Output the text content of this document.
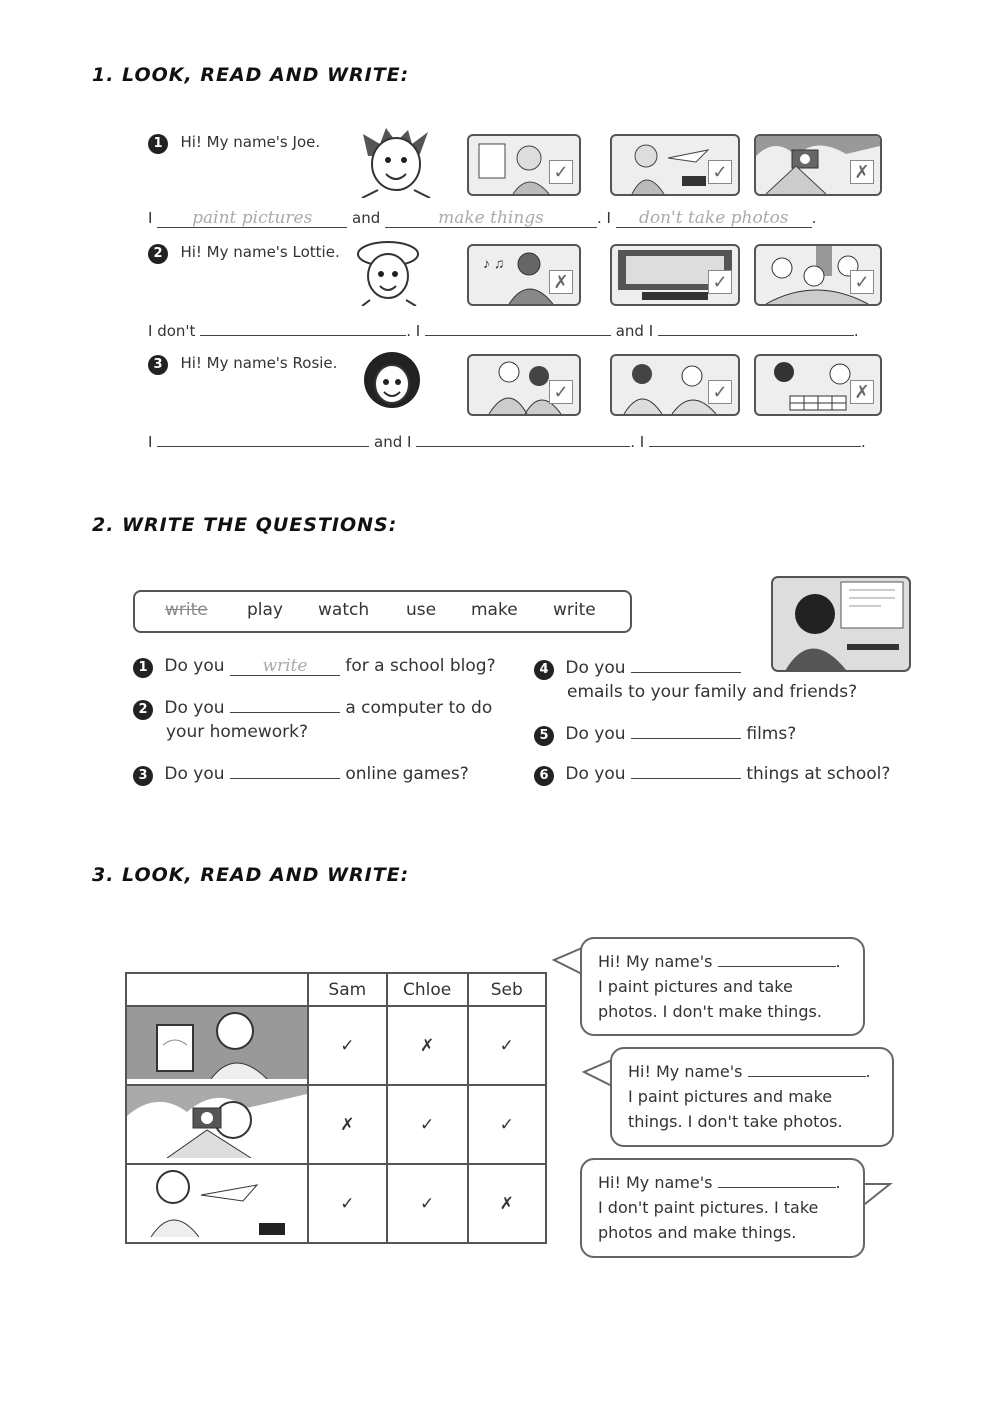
1. LOOK, READ AND WRITE:
1 Hi! My name's Joe.
✓	✓	✗
I paint pictures	and	make things	. I don't take photos .
2 Hi! My name's Lottie.
♪ ♫
✗	✓	✓
I don't	. I	and I	.
3 Hi! My name's Rosie.
✓	✓	✗
I	and I	. I	.
2. WRITE THE QUESTIONS:
write play watch use make write
1 Do you write for a school blog?
2 Do you	a computer to do
your homework?
3 Do you	online games?
4 Do you
emails to your family and friends?
5 Do you	films?
6 Do you	things at school?
3. LOOK, READ AND WRITE:
	Sam	Chloe	Seb
	✓	✗	✓
	✗	✓	✓
	✓	✓	✗

Hi! My name's	.

I paint pictures and take

photos. I don't make things.

Hi! My name's	.

I paint pictures and make

things. I don't take photos.

Hi! My name's	.

I don't paint pictures. I take

photos and make things.
